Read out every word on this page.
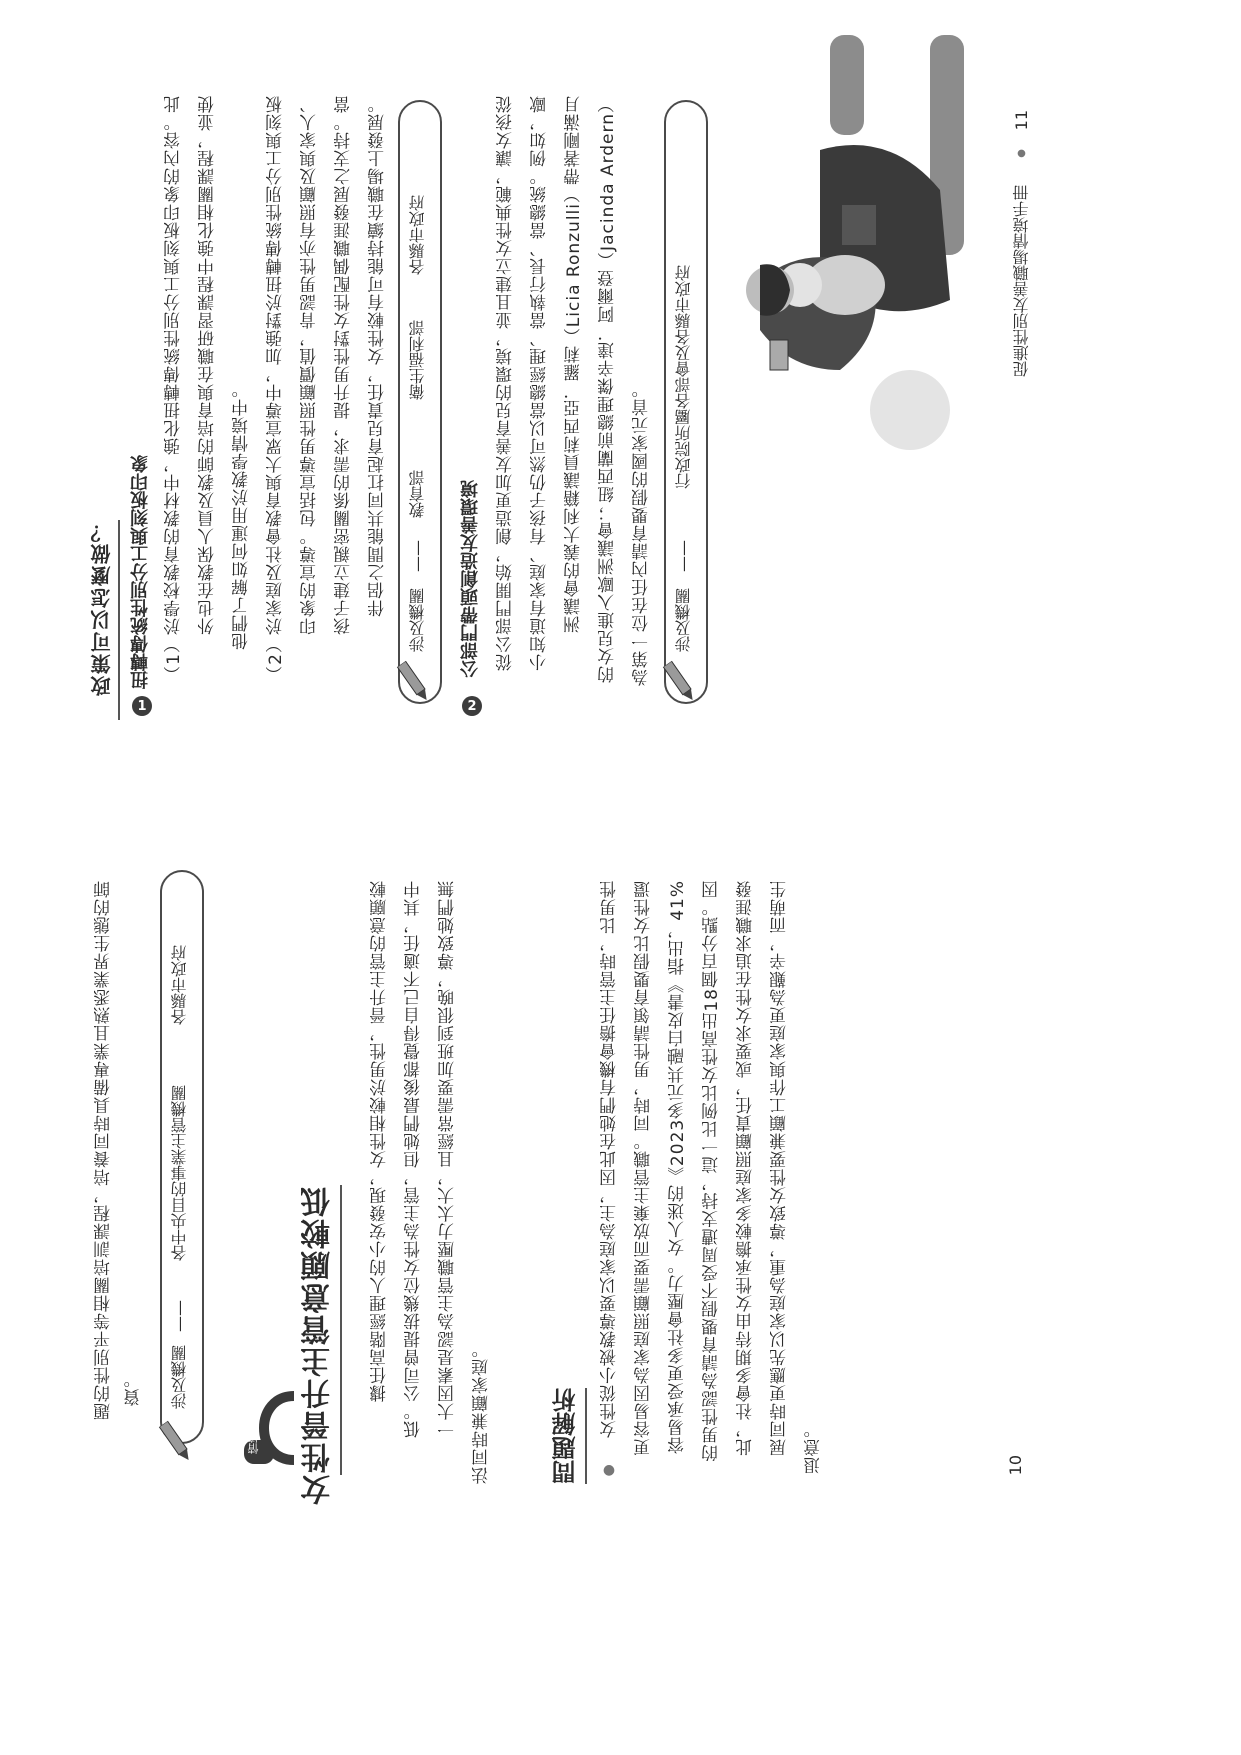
題的性別平等相關培訓課程，培養同時具備專業且熟悉業界生態的師 資。 涉及機關
——
各中央目的事業主管機關
各縣市政府
情境 女性晉升主管意願較低 據任高階經理人的小安發現，女性相較於男性，晉升主管的意願較 低。公司曾提拔幾位女性為主管，但她們最後都覺得自己不適任，其中 一大因素是認為主管職壓力太大，且經常需要加班到很晚，導致她們無 法同時兼顧家庭。	問題解析 ●
女性從小被教導要以家庭為主，因此在她們有機會擔任主管時，比男性 更容易因為家庭照顧需要而放棄主管職。同時，男性請領育嬰假比女性還 容易承受更多社會壓力。女人迷的《2023多元共融白皮書》指出，41% 的男性認為請育嬰假不受周遭支持，這一比例比女性高出18個百分點。因 此，社會多期待由女性承擔較多家庭照顧責任，或要求女性在追求職涯發 展同時更應先以家庭為重，導致女性要兼顧工作與家庭更為艱辛，而萌生 退意。	10
政策可以怎麼做？
1
扭轉傳統性別分工與刻板印象 （1）於學校教育的教材中，強化扭轉傳統性別分工與刻板印象的內容。此 外也在教保人員及教師的培育與在職研習課程中強化相關課程，並使 他們了解如何運用於教學情境中。 （2）於家庭及社會教育與大眾宣導中，加強對於扭轉傳統性別分工與刻板 印象的宣導。包括宣導男性照顧價值，肯認男性亦有照顧及與家人、 孩子建立親密關係的需求，提升男性對女性配偶職涯發展之支持。當 伴侶之間能共同扛起育兒責任，女性較有可能持續在職場上發展。
涉及機關
——
教育部
衛生福利部
各縣市政府
2
公部門帶頭創造友善環境 從公部門開始，創造更加友善育兒的環境，並且建立女性典範，讓女孩從 小知道有家庭、有孩子仍然可以當總經理、當執行長、當總統。例如，歐 洲議會的義大利籍議員莉西亞．羅莉（Licia Ronzulli）帶著剛滿月 的女兒進入歐洲議會；紐西蘭前總理傑辛達．阿爾登（Jacinda Ardern） 為第一位在任內請育嬰假的國家元首。 涉及機關
——
行政院所屬各部會及各縣市政府	促進性別友善職場情境手冊
●
11
